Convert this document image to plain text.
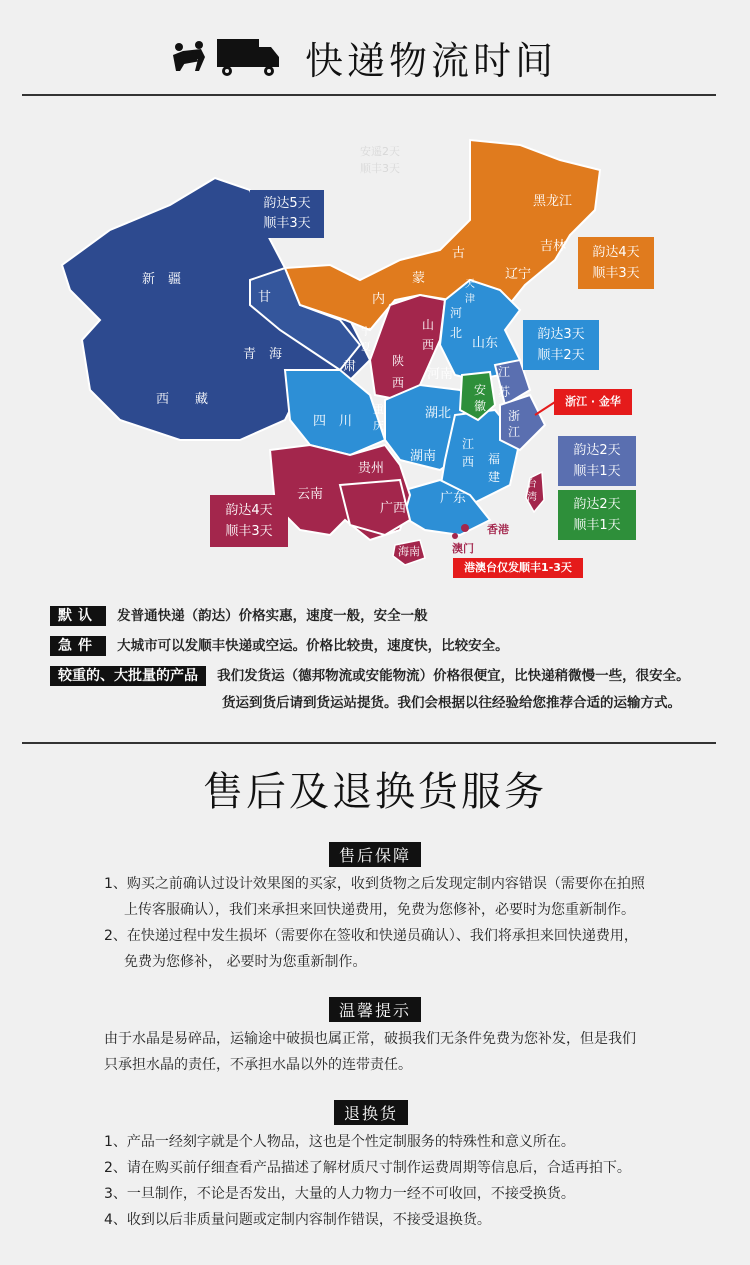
快递物流时间
新　疆
西　　藏
青　海
甘
肃
内
蒙
古
黑龙江
吉林
辽宁
天津
河北
山西
宁夏
陕西
山东
河南	江苏
安徽
浙江
四　川
重庆
湖北
湖南
江西 福建
贵州
云南
广西
广东
台湾
海南
香港
澳门
安遥2天
顺丰3天
韵达5天
顺丰3天
韵达4天
顺丰3天
韵达3天
顺丰2天
浙江 · 金华
韵达2天
顺丰1天
韵达2天
顺丰1天
韵达4天
顺丰3天
港澳台仅发顺丰1-3天
默认 发普通快递（韵达）价格实惠，速度一般，安全一般
急件 大城市可以发顺丰快递或空运。价格比较贵，速度快，比较安全。
较重的、大批量的产品 我们发货运（德邦物流或安能物流）价格很便宜，比快递稍微慢一些，很安全。
货运到货后请到货运站提货。我们会根据以往经验给您推荐合适的运输方式。
售后及退换货服务
售后保障
1、购买之前确认过设计效果图的买家，收到货物之后发现定制内容错误（需要你在拍照
上传客服确认），我们来承担来回快递费用，免费为您修补，必要时为您重新制作。
2、在快递过程中发生损坏（需要你在签收和快递员确认）、我们将承担来回快递费用，
免费为您修补， 必要时为您重新制作。
温馨提示
由于水晶是易碎品，运输途中破损也属正常，破损我们无条件免费为您补发，但是我们
只承担水晶的责任，不承担水晶以外的连带责任。
退换货
1、产品一经刻字就是个人物品，这也是个性定制服务的特殊性和意义所在。
2、请在购买前仔细查看产品描述了解材质尺寸制作运费周期等信息后，合适再拍下。
3、一旦制作，不论是否发出，大量的人力物力一经不可收回，不接受换货。
4、收到以后非质量问题或定制内容制作错误，不接受退换货。
